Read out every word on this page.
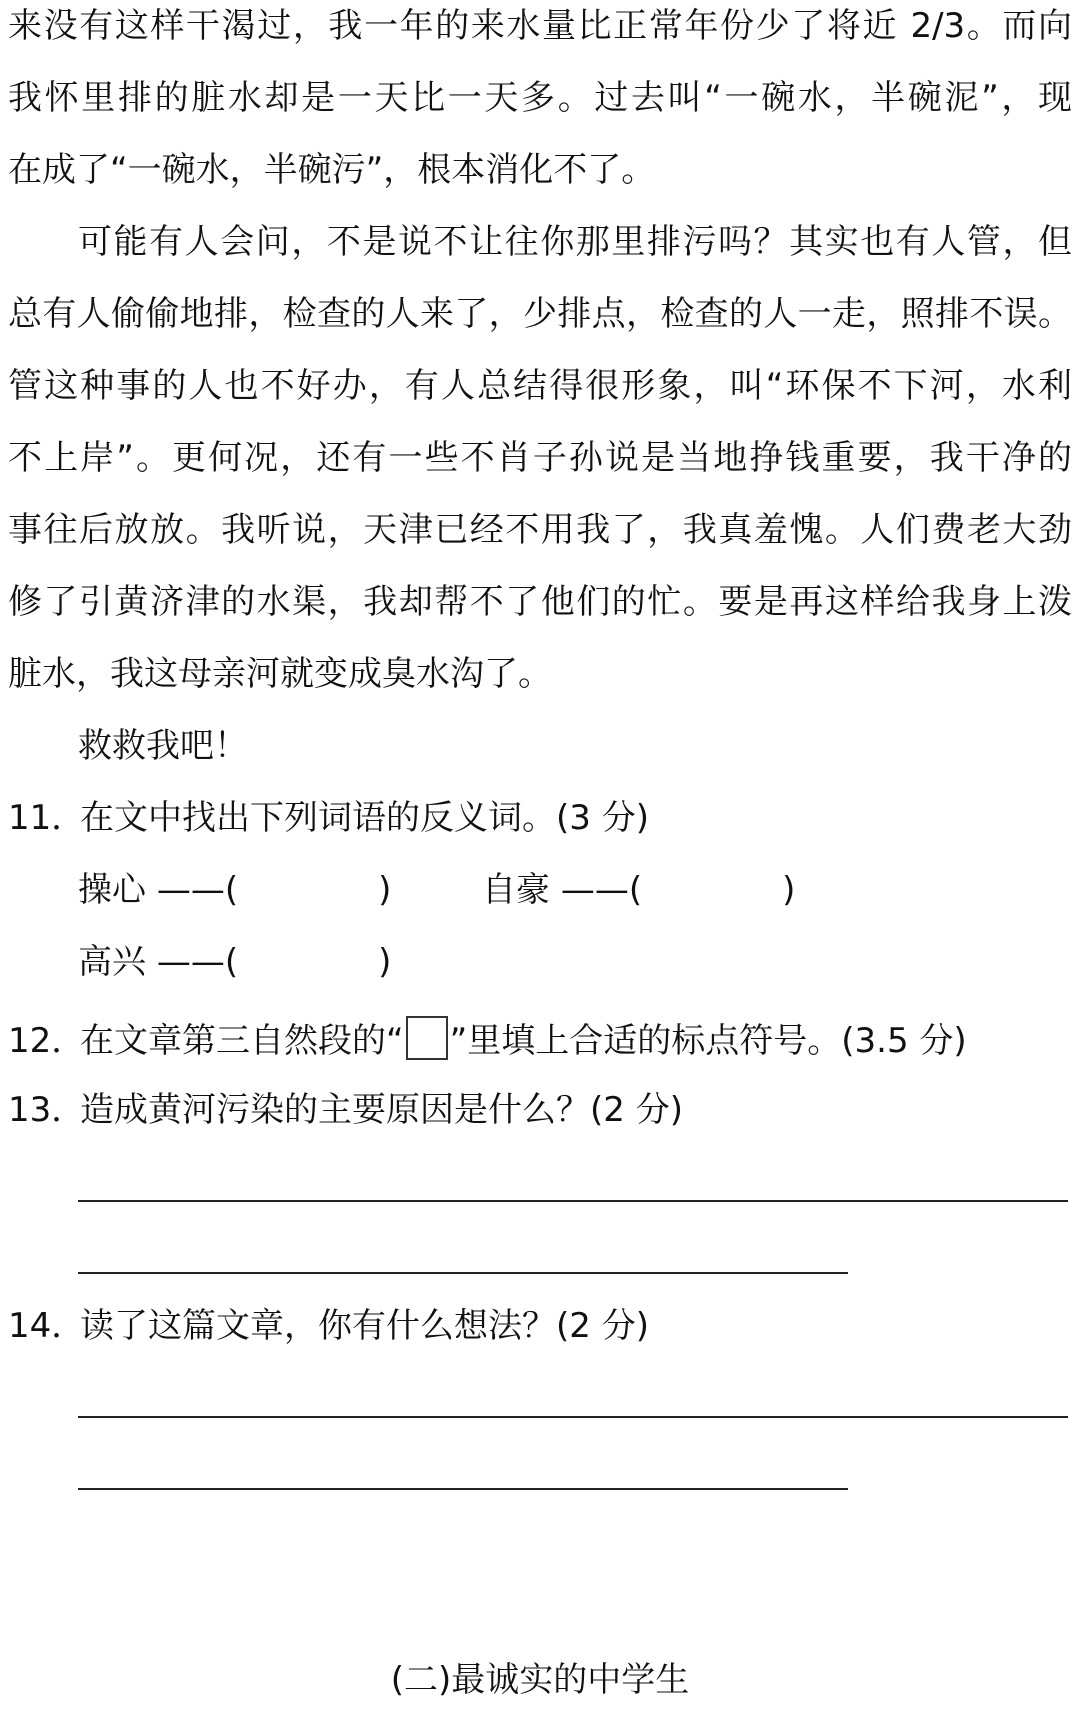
来没有这样干渴过，我一年的来水量比正常年份少了将近 2/3。而向
我怀里排的脏水却是一天比一天多。过去叫“一碗水，半碗泥”，现
在成了“一碗水，半碗污”，根本消化不了。
可能有人会问，不是说不让往你那里排污吗？其实也有人管，但
总有人偷偷地排，检查的人来了，少排点，检查的人一走，照排不误。
管这种事的人也不好办，有人总结得很形象，叫“环保不下河，水利
不上岸”。更何况，还有一些不肖子孙说是当地挣钱重要，我干净的
事往后放放。我听说，天津已经不用我了，我真羞愧。人们费老大劲
修了引黄济津的水渠，我却帮不了他们的忙。要是再这样给我身上泼
脏水，我这母亲河就变成臭水沟了。
救救我吧！
11．在文中找出下列词语的反义词。(3 分)
操心 ——(	)	自豪 ——(	)
高兴 ——(	)
12．在文章第三自然段的“ ”里填上合适的标点符号。(3.5 分)
13．造成黄河污染的主要原因是什么？(2 分)
14．读了这篇文章，你有什么想法？(2 分)
(二)最诚实的中学生
